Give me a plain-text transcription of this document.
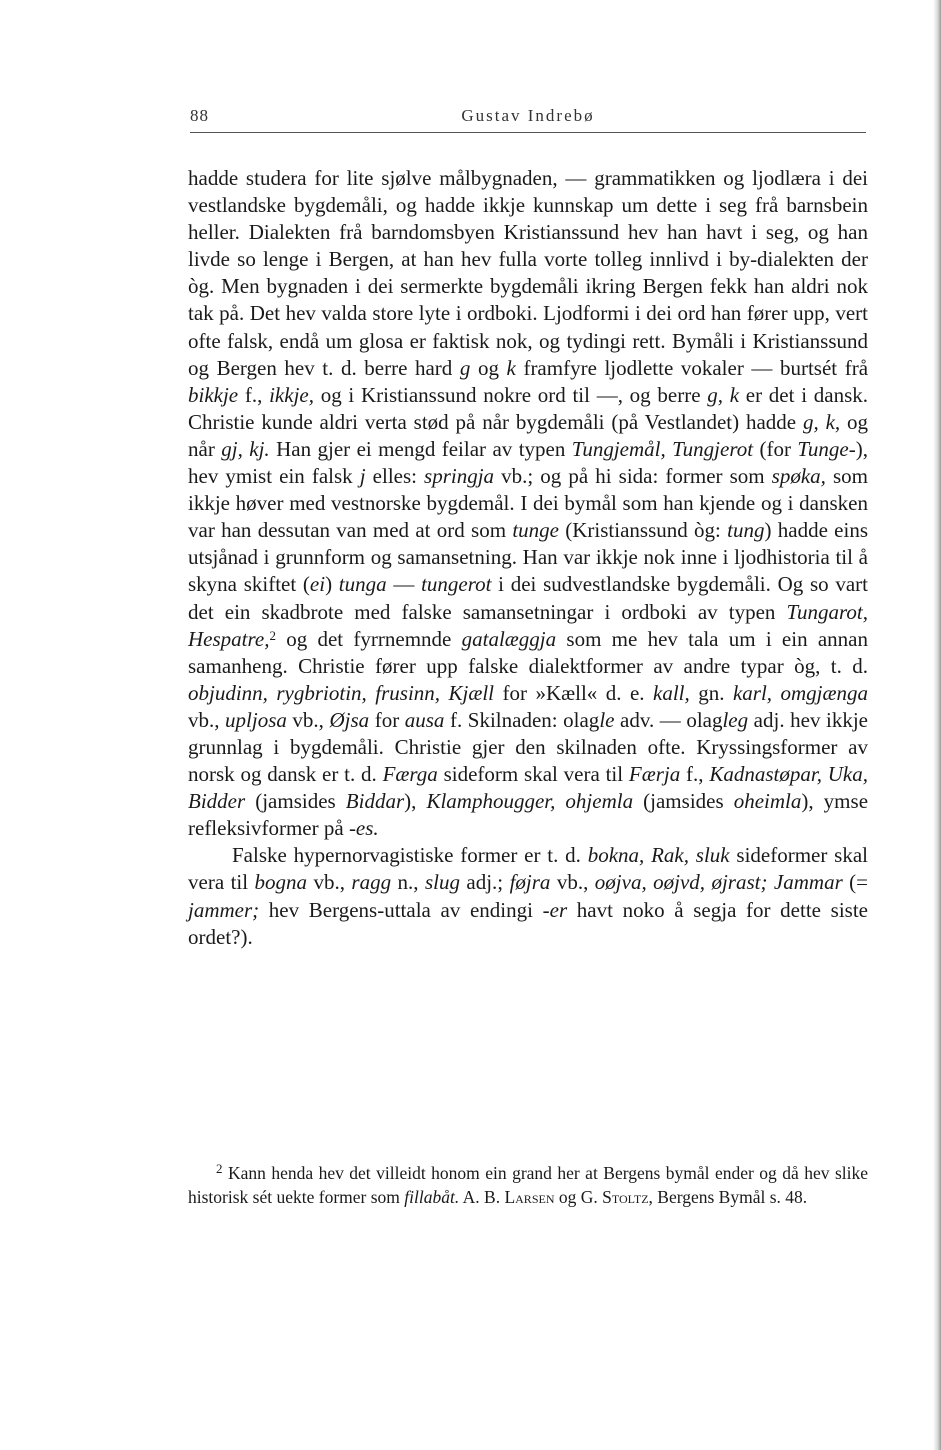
88	Gustav Indrebø

hadde studera for lite sjølve målbygnaden, — grammatikken og ljodlæra i dei vestlandske bygdemåli, og hadde ikkje kunnskap um dette i seg frå barnsbein heller. Dialekten frå barndomsbyen Kristianssund hev han havt i seg, og han livde so lenge i Bergen, at han hev fulla vorte tolleg innlivd i by-dialekten der òg. Men bygnaden i dei sermerkte bygdemåli ikring Bergen fekk han aldri nok tak på. Det hev valda store lyte i ordboki. Ljodformi i dei ord han fører upp, vert ofte falsk, endå um glosa er faktisk nok, og tydingi rett. Bymåli i Kristianssund og Bergen hev t. d. berre hard g og k framfyre ljodlette vokaler — burtsét frå bikkje f., ikkje, og i Kristianssund nokre ord til —, og berre g, k er det i dansk. Christie kunde aldri verta stød på når bygdemåli (på Vestlandet) hadde g, k, og når gj, kj. Han gjer ei mengd feilar av typen Tungjemål, Tungjerot (for Tunge-), hev ymist ein falsk j elles: springja vb.; og på hi sida: former som spøka, som ikkje høver med vestnorske bygdemål. I dei bymål som han kjende og i dansken var han dessutan van med at ord som tunge (Kristianssund òg: tung) hadde eins utsjånad i grunnform og samansetning. Han var ikkje nok inne i ljodhistoria til å skyna skiftet (ei) tunga — tungerot i dei sudvestlandske bygdemåli. Og so vart det ein skadbrote med falske samansetningar i ordboki av typen Tungarot, Hespatre,$^2$ og det fyrrnemnde gatalæggja som me hev tala um i ein annan samanheng. Christie fører upp falske dialektformer av andre typar òg, t. d. objudinn, rygbriotin, frusinn, Kjæll for »Kæll« d. e. kall, gn. karl, omgjænga vb., upljosa vb., Øjsa for ausa f. Skilnaden: olagle adv. — olagleg adj. hev ikkje grunnlag i bygdemåli. Christie gjer den skilnaden ofte. Kryssingsformer av norsk og dansk er t. d. Færga sideform skal vera til Færja f., Kadnastøpar, Uka, Bidder (jamsides Biddar), Klamphougger, ohjemla (jamsides oheimla), ymse refleksivformer på -es.

Falske hypernorvagistiske former er t. d. bokna, Rak, sluk sideformer skal vera til bogna vb., ragg n., slug adj.; føjra vb., oøjva, oøjvd, øjrast; Jammar (= jammer; hev Bergens-uttala av endingi -er havt noko å segja for dette siste ordet?).

$^2$ Kann henda hev det villeidt honom ein grand her at Bergens bymål ender og då hev slike historisk sét uekte former som fillabåt. A. B. Larsen og G. Stoltz, Bergens Bymål s. 48.
